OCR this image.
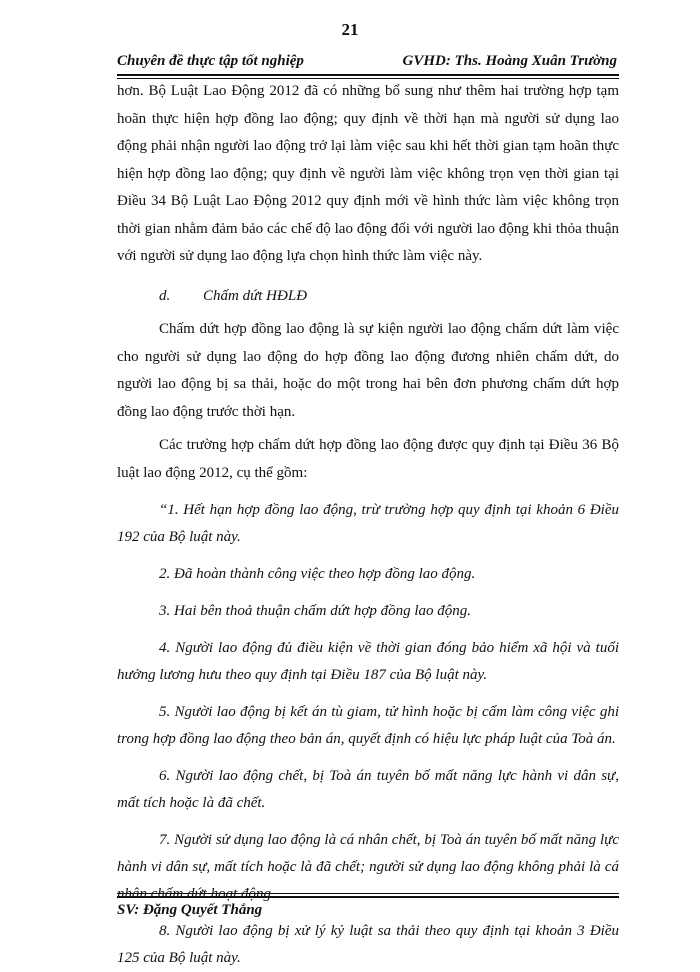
21
Chuyên đề thực tập tốt nghiệp	GVHD: Ths. Hoàng Xuân Trường

hơn. Bộ Luật Lao Động 2012 đã có những bổ sung như thêm hai trường hợp tạm hoãn thực hiện hợp đồng lao động; quy định về thời hạn mà người sử dụng lao động phải nhận người lao động trở lại làm việc sau khi hết thời gian tạm hoãn thực hiện hợp đồng lao động; quy định về người làm việc không trọn vẹn thời gian tại Điều 34 Bộ Luật Lao Động 2012 quy định mới về hình thức làm việc không trọn thời gian nhằm đảm bảo các chế độ lao động đối với người lao động khi thỏa thuận với người sử dụng lao động lựa chọn hình thức làm việc này.

d. Chấm dứt HĐLĐ

Chấm dứt hợp đồng lao động là sự kiện người lao động chấm dứt làm việc cho người sử dụng lao động do hợp đồng lao động đương nhiên chấm dứt, do người lao động bị sa thải, hoặc do một trong hai bên đơn phương chấm dứt hợp đồng lao động trước thời hạn.

Các trường hợp chấm dứt hợp đồng lao động được quy định tại Điều 36 Bộ luật lao động 2012, cụ thể gồm:

“1. Hết hạn hợp đồng lao động, trừ trường hợp quy định tại khoản 6 Điều 192 của Bộ luật này.

2. Đã hoàn thành công việc theo hợp đồng lao động.

3. Hai bên thoả thuận chấm dứt hợp đồng lao động.

4. Người lao động đủ điều kiện về thời gian đóng bảo hiểm xã hội và tuổi hưởng lương hưu theo quy định tại Điều 187 của Bộ luật này.

5. Người lao động bị kết án tù giam, tử hình hoặc bị cấm làm công việc ghi trong hợp đồng lao động theo bản án, quyết định có hiệu lực pháp luật của Toà án.

6. Người lao động chết, bị Toà án tuyên bố mất năng lực hành vi dân sự, mất tích hoặc là đã chết.

7. Người sử dụng lao động là cá nhân chết, bị Toà án tuyên bố mất năng lực hành vi dân sự, mất tích hoặc là đã chết; người sử dụng lao động không phải là cá nhân chấm dứt hoạt động.

8. Người lao động bị xử lý kỷ luật sa thải theo quy định tại khoản 3 Điều 125 của Bộ luật này.

SV: Đặng Quyết Thắng
